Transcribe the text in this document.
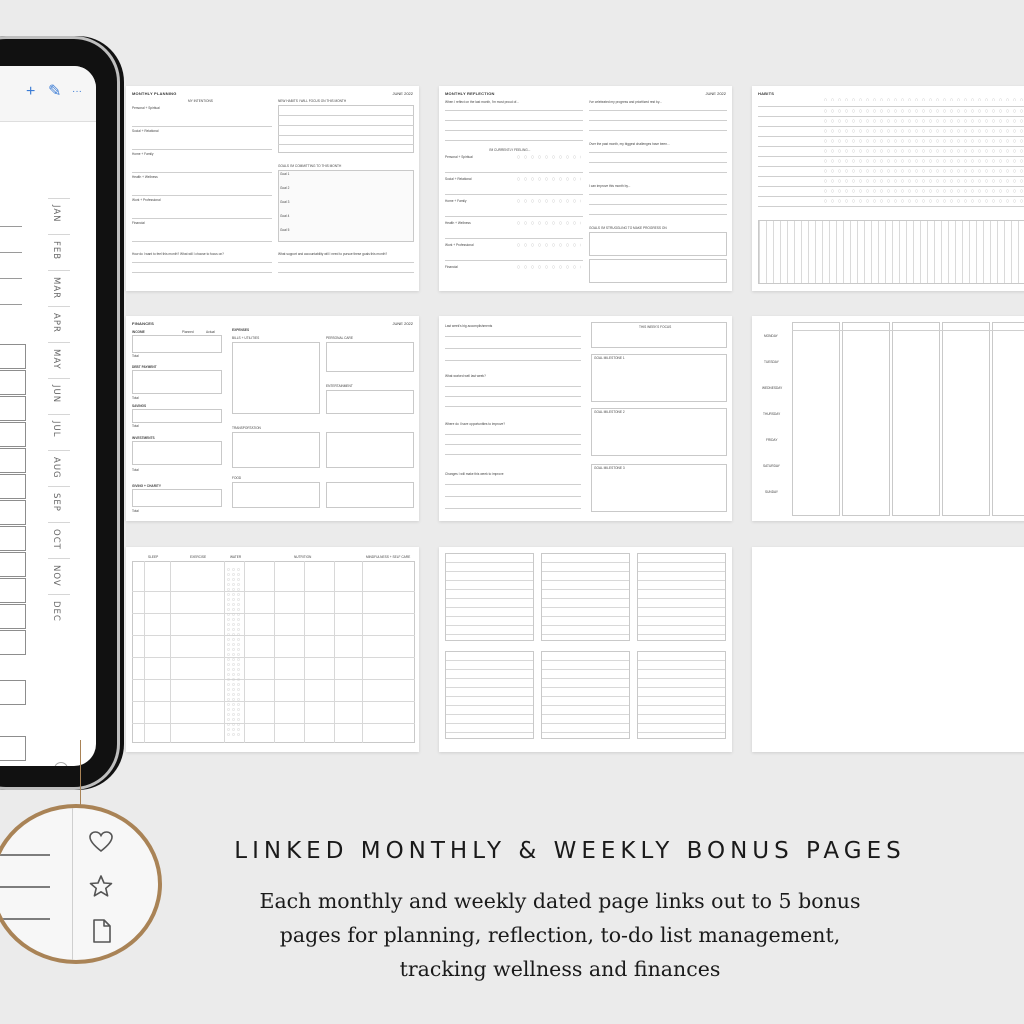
+ ✎ ···
JAN
FEB
MAR
APR
MAY
JUN
JUL
AUG
SEP
OCT
NOV
DEC
MONTHLY PLANNING	JUNE 2022
MY INTENTIONS	NEW HABITS I WILL FOCUS ON THIS MONTH
Personal + Spiritual
Social + Relational
Home + Family
Health + Wellness
Work + Professional
Financial
GOALS I'M COMMITTING TO THIS MONTH
Goal 1
Goal 2
Goal 3
Goal 4
Goal 5
How do I want to feel this month? What will I choose to focus on?	What support and accountability will I need to pursue these goals this month?
MONTHLY REFLECTION	JUNE 2022
When I reflect on the last month, I'm most proud of...	I've celebrated my progress and prioritized rest by...
Over the past month, my biggest challenges have been...
I can improve this month by...
I'M CURRENTLY FEELING...
Personal + Spiritual
Social + Relational
Home + Family
Health + Wellness
Work + Professional
Financial
GOALS I'M STRUGGLING TO MAKE PROGRESS ON
HABITS
FINANCES	JUNE 2022
INCOME
DEBT PAYMENT
SAVINGS
INVESTMENTS
GIVING + CHARITY
Planned	Actual
Total
Total
Total
Total
Total
EXPENSES
BILLS + UTILITIES	PERSONAL CARE
ENTERTAINMENT
TRANSPORTATION
FOOD
Last week's big accomplishments
What worked well last week?
Where do I have opportunities to improve?
Changes I will make this week to improve
THIS WEEK'S FOCUS
GOAL MILESTONE 1
GOAL MILESTONE 2
GOAL MILESTONE 3
MONDAY
TUESDAY
WEDNESDAY
THURSDAY
FRIDAY
SATURDAY
SUNDAY
SLEEP	EXERCISE	WATER	NUTRITION	MINDFULNESS + SELF CARE
LINKED MONTHLY & WEEKLY BONUS PAGES
Each monthly and weekly dated page links out to 5 bonus
pages for planning, reflection, to-do list management,
tracking wellness and finances
